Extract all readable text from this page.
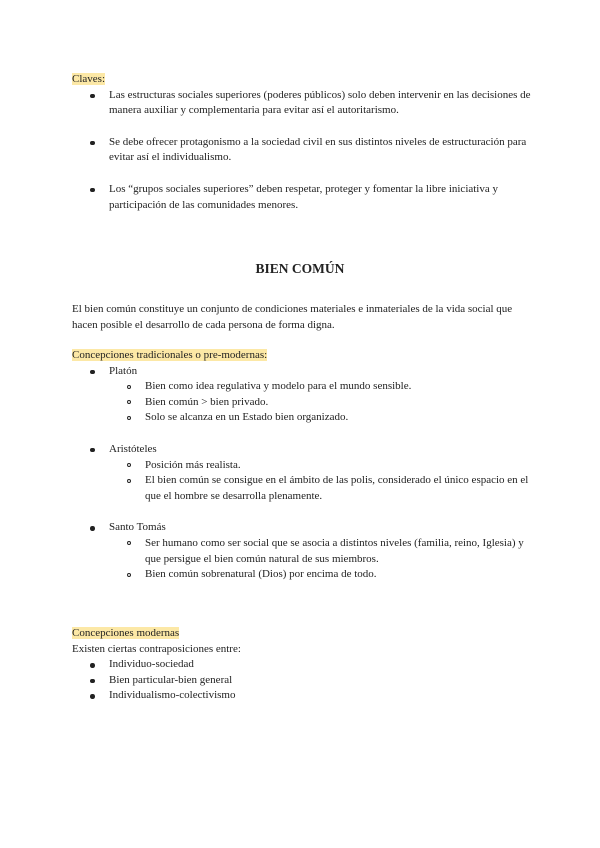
Claves:

Las estructuras sociales superiores (poderes públicos) solo deben intervenir en las decisiones de manera auxiliar y complementaria para evitar así el autoritarismo.
Se debe ofrecer protagonismo a la sociedad civil en sus distintos niveles de estructuración para evitar así el individualismo.
Los “grupos sociales superiores” deben respetar, proteger y fomentar la libre iniciativa y participación de las comunidades menores.
BIEN COMÚN

El bien común constituye un conjunto de condiciones materiales e inmateriales de la vida social que hacen posible el desarrollo de cada persona de forma digna.

Concepciones tradicionales o pre-modernas:

Platón
Bien como idea regulativa y modelo para el mundo sensible.
Bien común > bien privado.
Solo se alcanza en un Estado bien organizado.
Aristóteles
Posición más realista.
El bien común se consigue en el ámbito de las polis, considerado el único espacio en el que el hombre se desarrolla plenamente.
Santo Tomás
Ser humano como ser social que se asocia a distintos niveles (familia, reino, Iglesia) y que persigue el bien común natural de sus miembros.
Bien común sobrenatural (Dios) por encima de todo.

Concepciones modernas

Existen ciertas contraposiciones entre:

Individuo-sociedad
Bien particular-bien general
Individualismo-colectivismo
